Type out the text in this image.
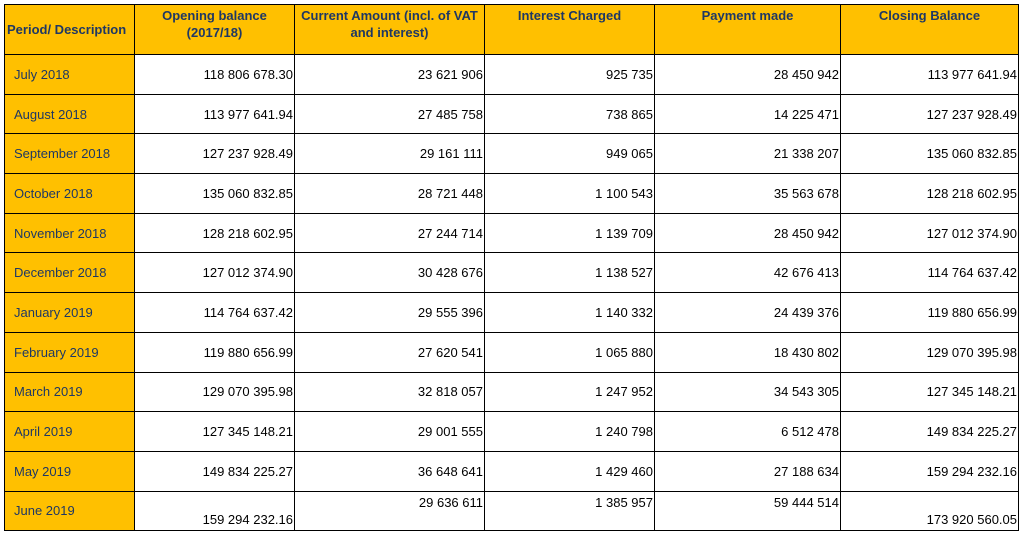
Period/ Description	Opening balance (2017/18)	Current Amount (incl. of VAT and interest)	Interest Charged	Payment made	Closing Balance
July 2018	118 806 678.30	23 621 906	925 735	28 450 942	113 977 641.94
August 2018	113 977 641.94	27 485 758	738 865	14 225 471	127 237 928.49
September 2018	127 237 928.49	29 161 111	949 065	21 338 207	135 060 832.85
October 2018	135 060 832.85	28 721 448	1 100 543	35 563 678	128 218 602.95
November 2018	128 218 602.95	27 244 714	1 139 709	28 450 942	127 012 374.90
December 2018	127 012 374.90	30 428 676	1 138 527	42 676 413	114 764 637.42
January 2019	114 764 637.42	29 555 396	1 140 332	24 439 376	119 880 656.99
February 2019	119 880 656.99	27 620 541	1 065 880	18 430 802	129 070 395.98
March 2019	129 070 395.98	32 818 057	1 247 952	34 543 305	127 345 148.21
April 2019	127 345 148.21	29 001 555	1 240 798	6 512 478	149 834 225.27
May 2019	149 834 225.27	36 648 641	1 429 460	27 188 634	159 294 232.16
June 2019	159 294 232.16	29 636 611	1 385 957	59 444 514	173 920 560.05
